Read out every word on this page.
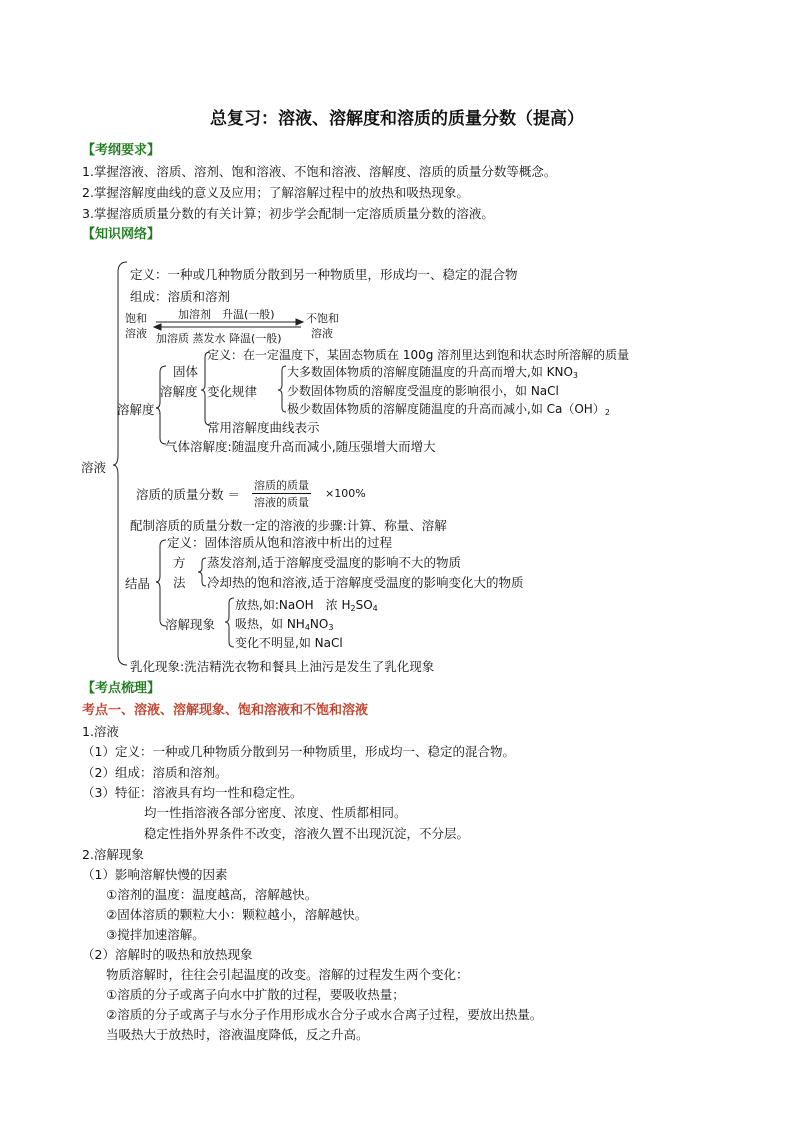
总复习：溶液、溶解度和溶质的质量分数（提高）
【考纲要求】
1.掌握溶液、溶质、溶剂、饱和溶液、不饱和溶液、溶解度、溶质的质量分数等概念。
2.掌握溶解度曲线的意义及应用；了解溶解过程中的放热和吸热现象。
3.掌握溶质质量分数的有关计算；初步学会配制一定溶质质量分数的溶液。
【知识网络】
溶液
定义：一种或几种物质分散到另一种物质里，形成均一、稳定的混合物
组成：溶质和溶剂
饱和
溶液
加溶剂　升温(一般)
加溶质 蒸发水 降温(一般)
不饱和
溶液
溶解度
固体
溶解度
定义：在一定温度下，某固态物质在 100g 溶剂里达到饱和状态时所溶解的质量
变化规律
大多数固体物质的溶解度随温度的升高而增大,如 $KNO_3$
少数固体物质的溶解度受温度的影响很小，如 NaCl
极少数固体物质的溶解度随温度的升高而减小,如 $Ca(OH)_2$
常用溶解度曲线表示
气体溶解度:随温度升高而减小,随压强增大而增大
溶质的质量分数 ＝ $\frac{\text{溶质的质量}}{\text{溶液的质量}} \times 100\%$
配制溶质的质量分数一定的溶液的步骤:计算、称量、溶解
结晶
定义：固体溶质从饱和溶液中析出的过程
方
法
蒸发溶剂,适于溶解度受温度的影响不大的物质
冷却热的饱和溶液,适于溶解度受温度的影响变化大的物质
溶解现象
放热,如:NaOH　浓 $H_2SO_4$
吸热，如 $NH_4NO_3$
变化不明显,如 NaCl
乳化现象:洗洁精洗衣物和餐具上油污是发生了乳化现象
【考点梳理】
考点一、溶液、溶解现象、饱和溶液和不饱和溶液
1.溶液
（1）定义：一种或几种物质分散到另一种物质里，形成均一、稳定的混合物。
（2）组成：溶质和溶剂。
（3）特征：溶液具有均一性和稳定性。
均一性指溶液各部分密度、浓度、性质都相同。
稳定性指外界条件不改变，溶液久置不出现沉淀，不分层。
2.溶解现象
（1）影响溶解快慢的因素
①溶剂的温度：温度越高，溶解越快。
②固体溶质的颗粒大小：颗粒越小，溶解越快。
③搅拌加速溶解。
（2）溶解时的吸热和放热现象
物质溶解时，往往会引起温度的改变。溶解的过程发生两个变化：
①溶质的分子或离子向水中扩散的过程，要吸收热量；
②溶质的分子或离子与水分子作用形成水合分子或水合离子过程，要放出热量。
当吸热大于放热时，溶液温度降低，反之升高。
